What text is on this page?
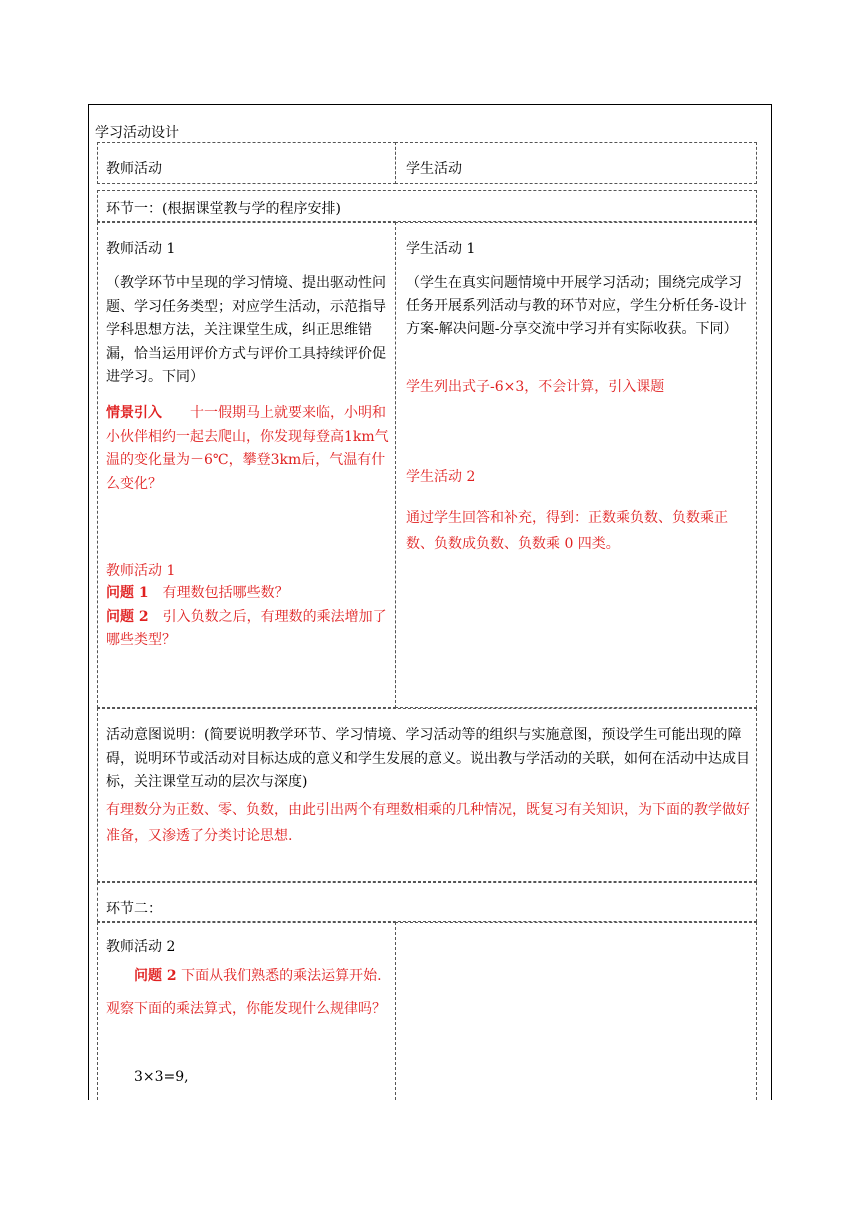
学习活动设计
教师活动	学生活动
环节一：(根据课堂教与学的程序安排)
教师活动 1
（教学环节中呈现的学习情境、提出驱动性问题、学习任务类型；对应学生活动，示范指导学科思想方法，关注课堂生成，纠正思维错漏，恰当运用评价方式与评价工具持续评价促进学习。下同）
情景引入   十一假期马上就要来临，小明和小伙伴相约一起去爬山，你发现每登高1km气温的变化量为－6℃，攀登3km后，气温有什么变化？
教师活动 1
问题 1  有理数包括哪些数？
问题 2  引入负数之后，有理数的乘法增加了哪些类型？
学生活动 1
（学生在真实问题情境中开展学习活动；围绕完成学习任务开展系列活动与教的环节对应，学生分析任务-设计方案-解决问题-分享交流中学习并有实际收获。下同）
学生列出式子-6×3，不会计算，引入课题
学生活动 2
通过学生回答和补充，得到：正数乘负数、负数乘正数、负数成负数、负数乘 0 四类。
活动意图说明：(简要说明教学环节、学习情境、学习活动等的组织与实施意图，预设学生可能出现的障碍，说明环节或活动对目标达成的意义和学生发展的意义。说出教与学活动的关联，如何在活动中达成目标，关注课堂互动的层次与深度)
有理数分为正数、零、负数，由此引出两个有理数相乘的几种情况，既复习有关知识，为下面的教学做好准备，又渗透了分类讨论思想.
环节二：
教师活动 2
问题 2 下面从我们熟悉的乘法运算开始. 观察下面的乘法算式，你能发现什么规律吗？
3×3=9,
